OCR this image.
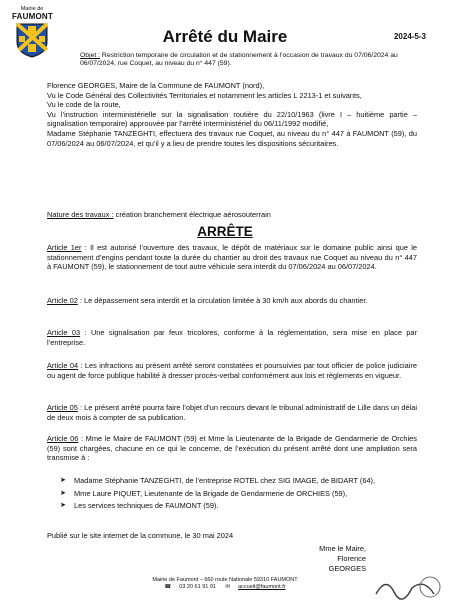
Mairie de
FAUMONT
Arrêté du Maire	2024-5-3
Objet : Restriction temporaire de circulation et de stationnement à l’occasion de travaux du 07/06/2024 au 06/07/2024, rue Coquet, au niveau du n° 447 (59).
Florence GEORGES, Maire de la Commune de FAUMONT (nord),
Vu le Code Général des Collectivités Territoriales et notamment les articles L 2213-1 et suivants,
Vu le code de la route,
Vu l’instruction interministérielle sur la signalisation routière du 22/10/1963 (livre I – huitième partie – signalisation temporaire) approuvée par l’arrêté interministériel du 06/11/1992 modifié,
Madame Stéphanie TANZEGHTI, effectuera des travaux rue Coquet, au niveau du n° 447 à FAUMONT (59), du 07/06/2024 au 06/07/2024, et qu’il y a lieu de prendre toutes les dispositions sécuritaires.
Nature des travaux : création branchement électrique aérosouterrain
ARRÊTE
Article 1er : Il est autorisé l’ouverture des travaux, le dépôt de matériaux sur le domaine public ainsi que le stationnement d’engins pendant toute la durée du chantier au droit des travaux rue Coquet au niveau du n° 447 à FAUMONT (59), le stationnement de tout autre véhicule sera interdit du 07/06/2024 au 06/07/2024.
Article 02 : Le dépassement sera interdit et la circulation limitée à 30 km/h aux abords du chantier.
Article 03 : Une signalisation par feux tricolores, conforme à la réglementation, sera mise en place par l’entreprise.
Article 04 : Les infractions au présent arrêté seront constatées et poursuivies par tout officier de police judiciaire ou agent de force publique habilité à dresser procès-verbal conformément aux lois et règlements en vigueur.
Article 05 : Le présent arrêté pourra faire l’objet d’un recours devant le tribunal administratif de Lille dans un délai de deux mois à compter de sa publication.
Article 06 : Mme le Maire de FAUMONT (59) et Mme la Lieutenante de la Brigade de Gendarmerie de Orchies (59) sont chargées, chacune en ce qui le concerne, de l’exécution du présent arrêté dont une ampliation sera transmise à :
➤ Madame Stéphanie TANZEGHTI, de l’entreprise ROTEL chez SIG IMAGE, de BIDART (64),
➤ Mme Laure PIQUET, Lieutenante de la Brigade de Gendarmerie de ORCHIES (59),
➤ Les services techniques de FAUMONT (59).
Publié sur le site internet de la commune, le 30 mai 2024
Mme le Maire,
Florence GEORGES
Mairie de Faumont – 660 route Nationale 59310 FAUMONT
☎ 03 20 61 91 91 ✉ accueil@faumont.fr
